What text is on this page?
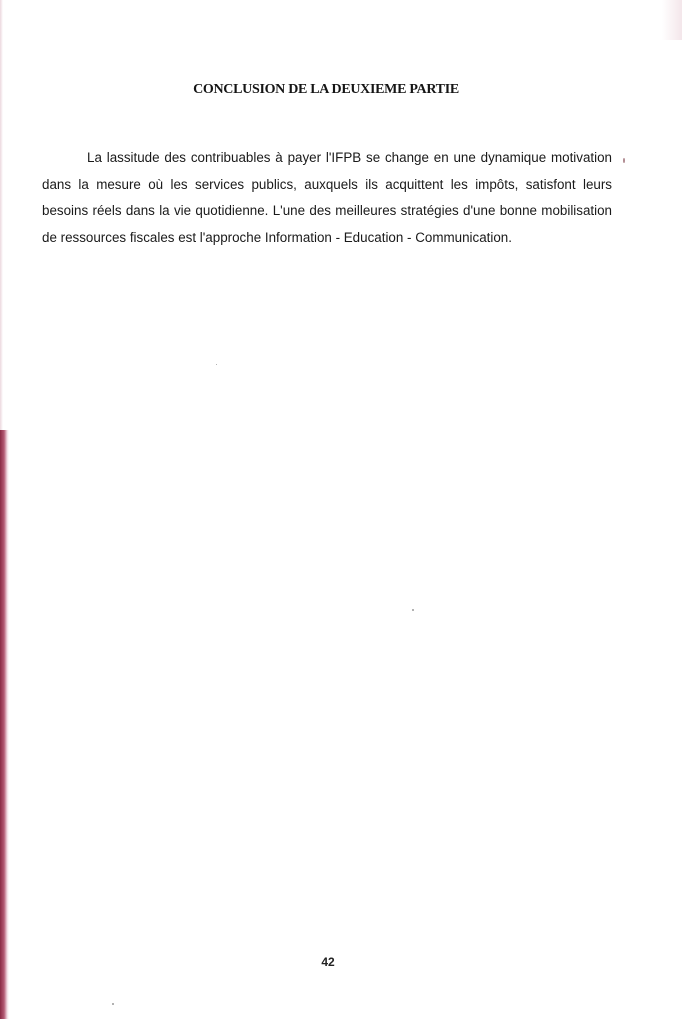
CONCLUSION DE LA DEUXIEME PARTIE

La lassitude des contribuables à payer l'IFPB se change en une dynamique motivation dans la mesure où les services publics, auxquels ils acquittent les impôts, satisfont leurs besoins réels dans la vie quotidienne. L'une des meilleures stratégies d'une bonne mobilisation de ressources fiscales est l'approche Information - Education - Communication.

42
